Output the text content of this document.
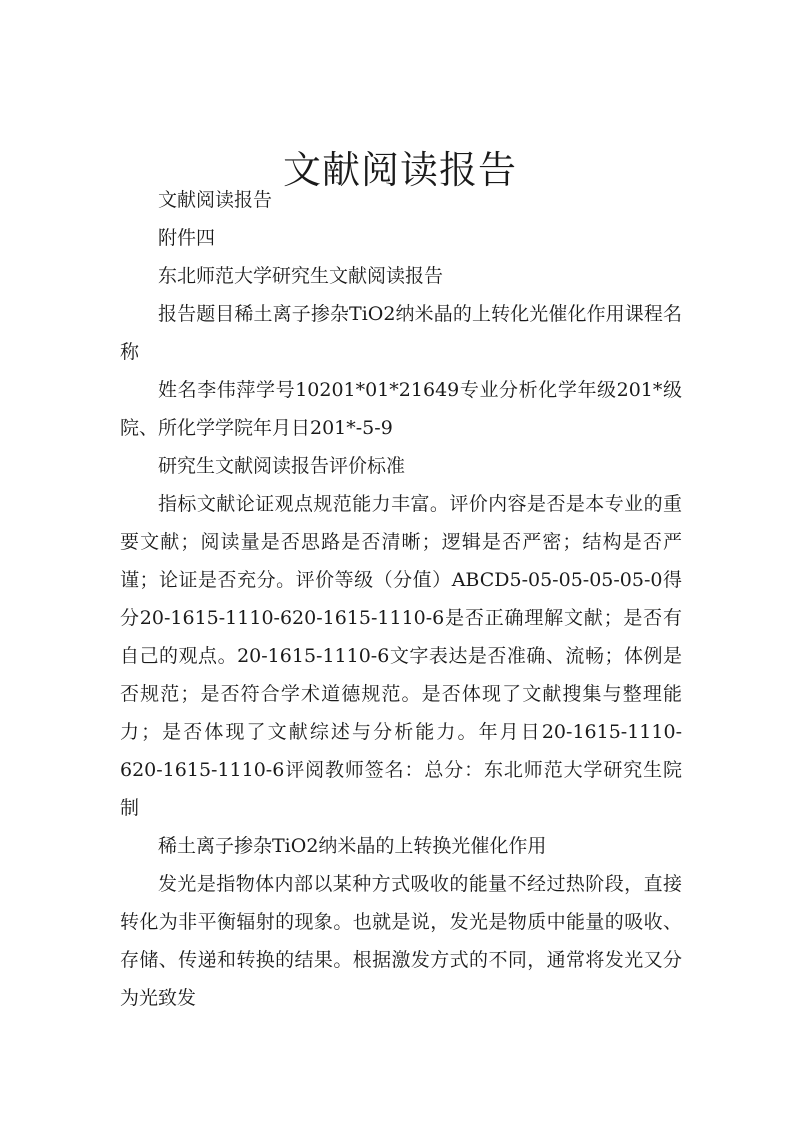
文献阅读报告

文献阅读报告

附件四

东北师范大学研究生文献阅读报告

报告题目稀土离子掺杂TiO2纳米晶的上转化光催化作用课程名称

姓名李伟萍学号10201*01*21649专业分析化学年级201*级院、所化学学院年月日201*-5-9

研究生文献阅读报告评价标准

指标文献论证观点规范能力丰富。评价内容是否是本专业的重要文献；阅读量是否思路是否清晰；逻辑是否严密；结构是否严谨；论证是否充分。评价等级（分值）ABCD5-05-05-05-05-0得分20-1615-1110-620-1615-1110-6是否正确理解文献；是否有自己的观点。20-1615-1110-6文字表达是否准确、流畅；体例是否规范；是否符合学术道德规范。是否体现了文献搜集与整理能力；是否体现了文献综述与分析能力。年月日20-1615-1110-620-1615-1110-6评阅教师签名：总分：东北师范大学研究生院制

稀土离子掺杂TiO2纳米晶的上转换光催化作用

发光是指物体内部以某种方式吸收的能量不经过热阶段，直接转化为非平衡辐射的现象。也就是说，发光是物质中能量的吸收、存储、传递和转换的结果。根据激发方式的不同，通常将发光又分为光致发
